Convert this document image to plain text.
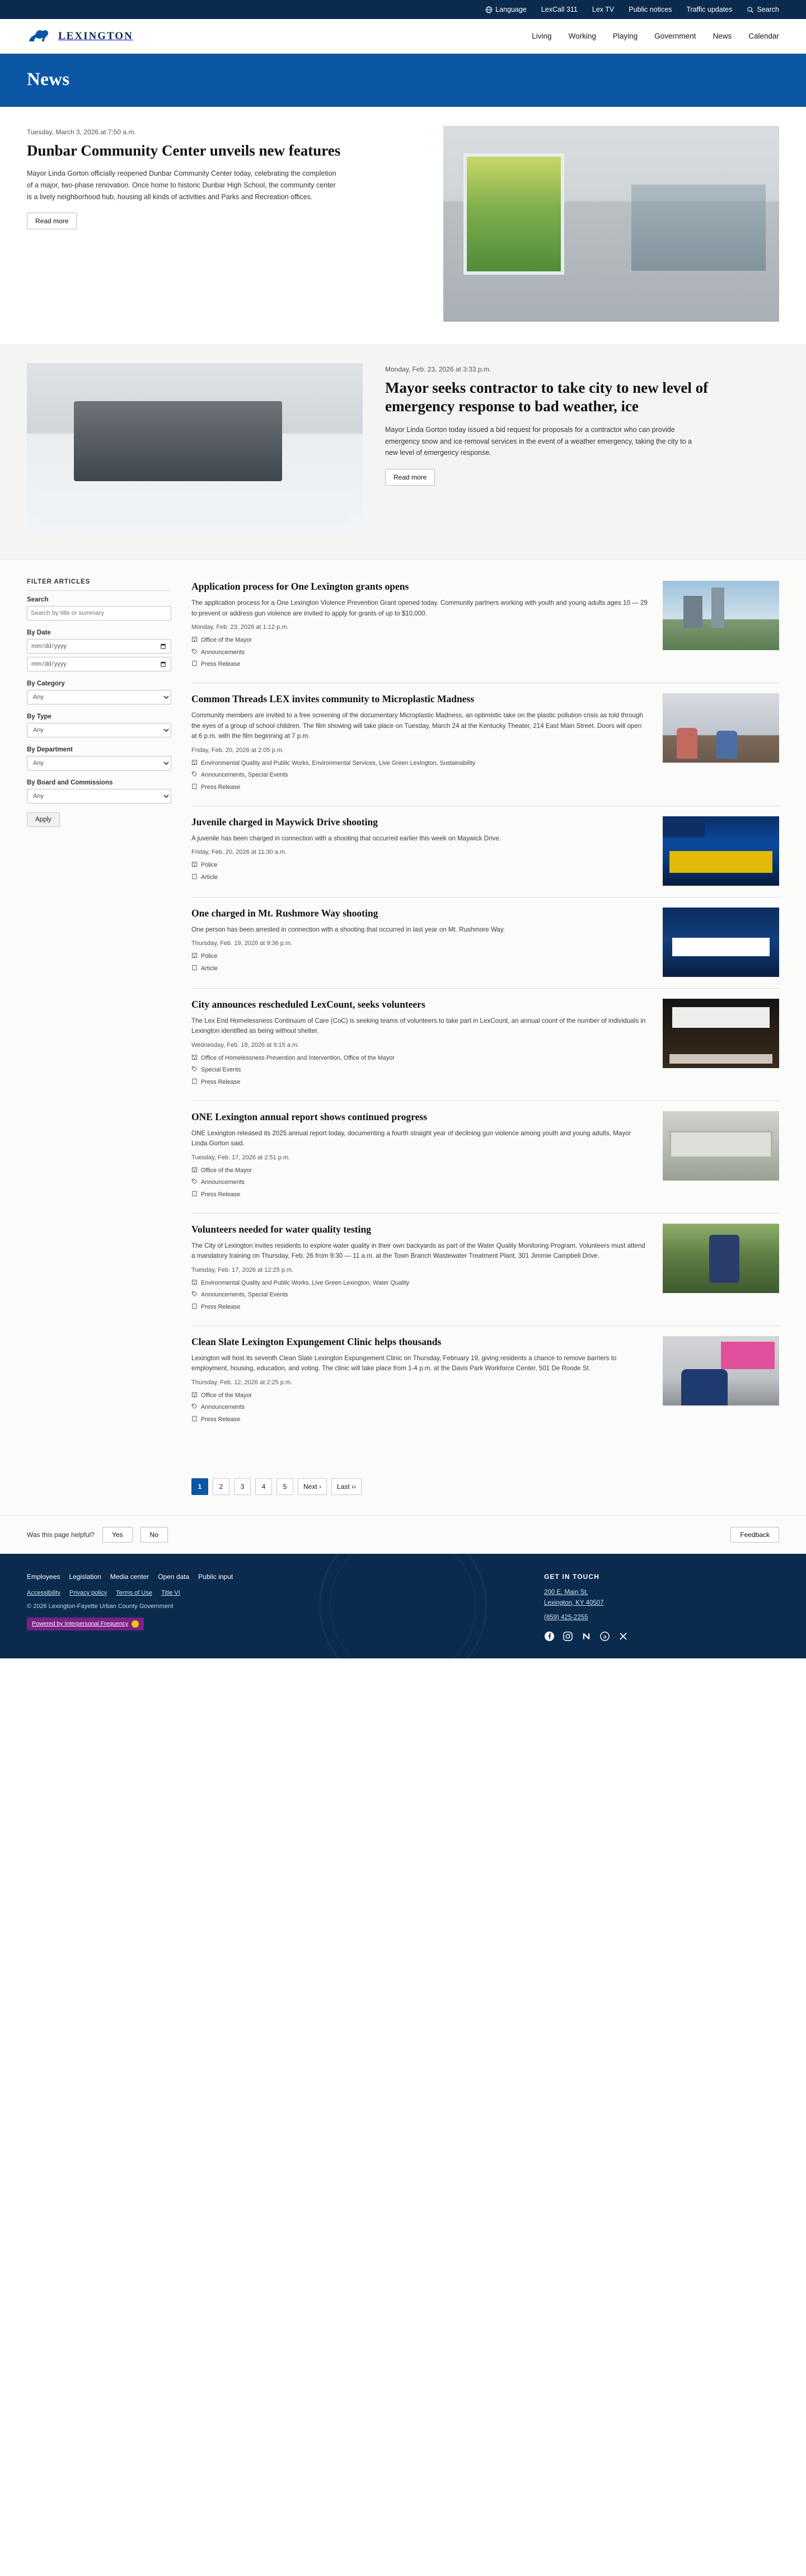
Language LexCall 311 Lex TV Public notices Traffic updates	Search
LEXINGTON	Living Working Playing Government News Calendar
News
Tuesday, March 3, 2026 at 7:50 a.m.
Dunbar Community Center unveils new features

Mayor Linda Gorton officially reopened Dunbar Community Center today, celebrating the completion of a major, two-phase renovation. Once home to historic Dunbar High School, the community center is a lively neighborhood hub, housing all kinds of activities and Parks and Recreation offices.

Read more
Monday, Feb. 23, 2026 at 3:33 p.m.
Mayor seeks contractor to take city to new level of emergency response to bad weather, ice

Mayor Linda Gorton today issued a bid request for proposals for a contractor who can provide emergency snow and ice removal services in the event of a weather emergency, taking the city to a new level of emergency response.

Read more
FILTER ARTICLES
Search
Search by title or summary
By Date
By Category
Any
By Type
Any
By Department
Any
By Board and Commissions
Any
Apply
Application process for One Lexington grants opens

The application process for a One Lexington Violence Prevention Grant opened today. Community partners working with youth and young adults ages 10 — 29 to prevent or address gun violence are invited to apply for grants of up to $10,000.

Monday, Feb. 23, 2026 at 1:12 p.m.
Office of the Mayor
Announcements
Press Release
Common Threads LEX invites community to Microplastic Madness

Community members are invited to a free screening of the documentary Microplastic Madness, an optimistic take on the plastic pollution crisis as told through the eyes of a group of school children. The film showing will take place on Tuesday, March 24 at the Kentucky Theater, 214 East Main Street. Doors will open at 6 p.m. with the film beginning at 7 p.m.

Friday, Feb. 20, 2026 at 2:05 p.m.
Environmental Quality and Public Works, Environmental Services, Live Green Lexington, Sustainability
Announcements, Special Events
Press Release
Juvenile charged in Maywick Drive shooting

A juvenile has been charged in connection with a shooting that occurred earlier this week on Maywick Drive.

Friday, Feb. 20, 2026 at 11:30 a.m.
Police
Article
One charged in Mt. Rushmore Way shooting

One person has been arrested in connection with a shooting that occurred in last year on Mt. Rushmore Way.

Thursday, Feb. 19, 2026 at 9:36 p.m.
Police
Article
City announces rescheduled LexCount, seeks volunteers

The Lex End Homelessness Continuum of Care (CoC) is seeking teams of volunteers to take part in LexCount, an annual count of the number of individuals in Lexington identified as being without shelter.

Wednesday, Feb. 18, 2026 at 9:15 a.m.
Office of Homelessness Prevention and Intervention, Office of the Mayor
Special Events
Press Release
ONE Lexington annual report shows continued progress

ONE Lexington released its 2025 annual report today, documenting a fourth straight year of declining gun violence among youth and young adults, Mayor Linda Gorton said.

Tuesday, Feb. 17, 2026 at 2:51 p.m.
Office of the Mayor
Announcements
Press Release
Volunteers needed for water quality testing

The City of Lexington invites residents to explore water quality in their own backyards as part of the Water Quality Monitoring Program. Volunteers must attend a mandatory training on Thursday, Feb. 26 from 9:30 — 11 a.m. at the Town Branch Wastewater Treatment Plant, 301 Jimmie Campbell Drive.

Tuesday, Feb. 17, 2026 at 12:25 p.m.
Environmental Quality and Public Works, Live Green Lexington, Water Quality
Announcements, Special Events
Press Release
Clean Slate Lexington Expungement Clinic helps thousands

Lexington will host its seventh Clean Slate Lexington Expungement Clinic on Thursday, February 19, giving residents a chance to remove barriers to employment, housing, education, and voting. The clinic will take place from 1-4 p.m. at the Davis Park Workforce Center, 501 De Roode St.

Thursday, Feb. 12, 2026 at 2:25 p.m.
Office of the Mayor
Announcements
Press Release
1	2	3	4	5	Next ›	Last ››
Was this page helpful?	Yes	No	Feedback
Employees Legislation Media center Open data Public input
Accessibility Privacy policy Terms of Use Title VI
© 2026 Lexington-Fayette Urban County Government
Powered by Interpersonal Frequency
GET IN TOUCH
200 E. Main St.
Lexington, KY 40507
(859) 425-2255
